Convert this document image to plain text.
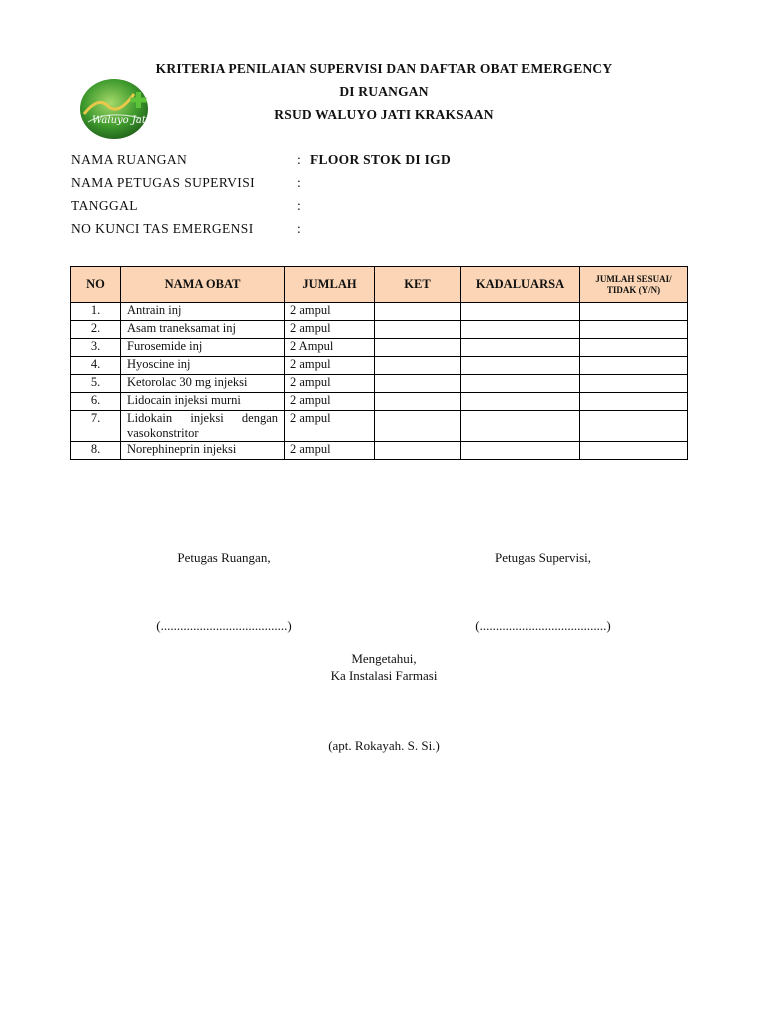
Waluyo Jati
KRITERIA PENILAIAN SUPERVISI DAN DAFTAR OBAT EMERGENCY
DI RUANGAN
RSUD WALUYO JATI KRAKSAAN
NAMA RUANGAN	: FLOOR STOK DI IGD
NAMA PETUGAS SUPERVISI	:
TANGGAL	:
NO KUNCI TAS EMERGENSI	:
NO	NAMA OBAT	JUMLAH	KET	KADALUARSA	JUMLAH SESUAI/ TIDAK (Y/N)
1.	Antrain inj	2 ampul			
2.	Asam traneksamat inj	2 ampul			
3.	Furosemide inj	2 Ampul			
4.	Hyoscine inj	2 ampul			
5.	Ketorolac 30 mg injeksi	2 ampul			
6.	Lidocain injeksi murni	2 ampul			
7.	Lidokain injeksi dengan vasokonstritor	2 ampul			
8.	Norephineprin injeksi	2 ampul			
Petugas Ruangan,	Petugas Supervisi,
(.......................................)	(.......................................)
Mengetahui,
Ka Instalasi Farmasi
(apt. Rokayah. S. Si.)
